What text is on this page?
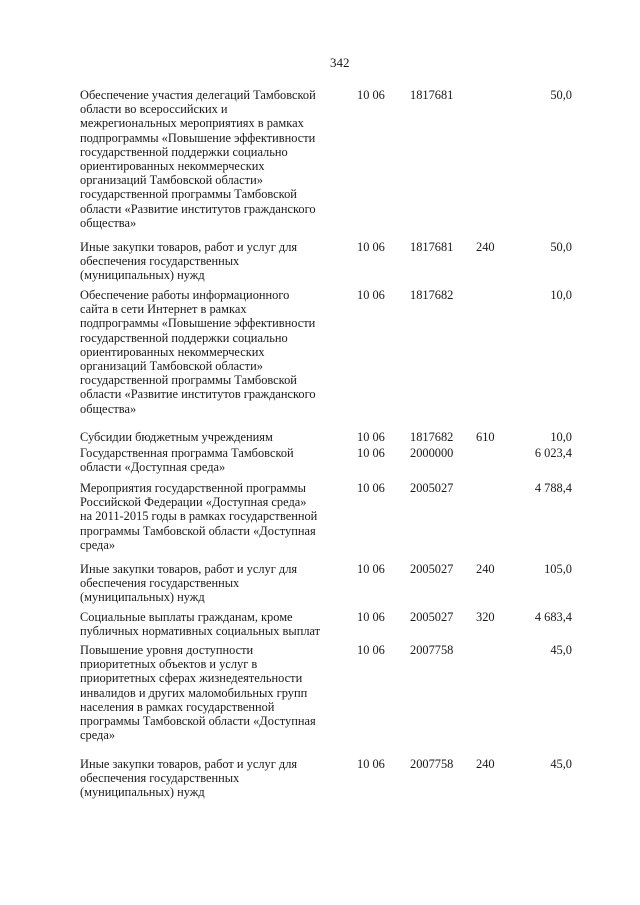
342
Обеспечение участия делегаций Тамбовской
области во всероссийских и
межрегиональных мероприятиях в рамках
подпрограммы «Повышение эффективности
государственной поддержки социально
ориентированных некоммерческих
организаций Тамбовской области»
государственной программы Тамбовской
области «Развитие институтов гражданского
общества»
10 06 1817681	50,0
Иные закупки товаров, работ и услуг для
обеспечения государственных
(муниципальных) нужд
10 06 1817681 240	50,0
Обеспечение работы информационного
сайта в сети Интернет в рамках
подпрограммы «Повышение эффективности
государственной поддержки социально
ориентированных некоммерческих
организаций Тамбовской области»
государственной программы Тамбовской
области «Развитие институтов гражданского
общества»
10 06 1817682	10,0
Субсидии бюджетным учреждениям	10 06 1817682 610	10,0
Государственная программа Тамбовской
области «Доступная среда»
10 06 2000000	6 023,4
Мероприятия государственной программы
Российской Федерации «Доступная среда»
на 2011-2015 годы в рамках государственной
программы Тамбовской области «Доступная
среда»
10 06 2005027	4 788,4
Иные закупки товаров, работ и услуг для
обеспечения государственных
(муниципальных) нужд
10 06 2005027 240	105,0
Социальные выплаты гражданам, кроме
публичных нормативных социальных выплат
10 06 2005027 320	4 683,4
Повышение уровня доступности
приоритетных объектов и услуг в
приоритетных сферах жизнедеятельности
инвалидов и других маломобильных групп
населения в рамках государственной
программы Тамбовской области «Доступная
среда»
10 06 2007758	45,0
Иные закупки товаров, работ и услуг для
обеспечения государственных
(муниципальных) нужд
10 06 2007758 240	45,0
